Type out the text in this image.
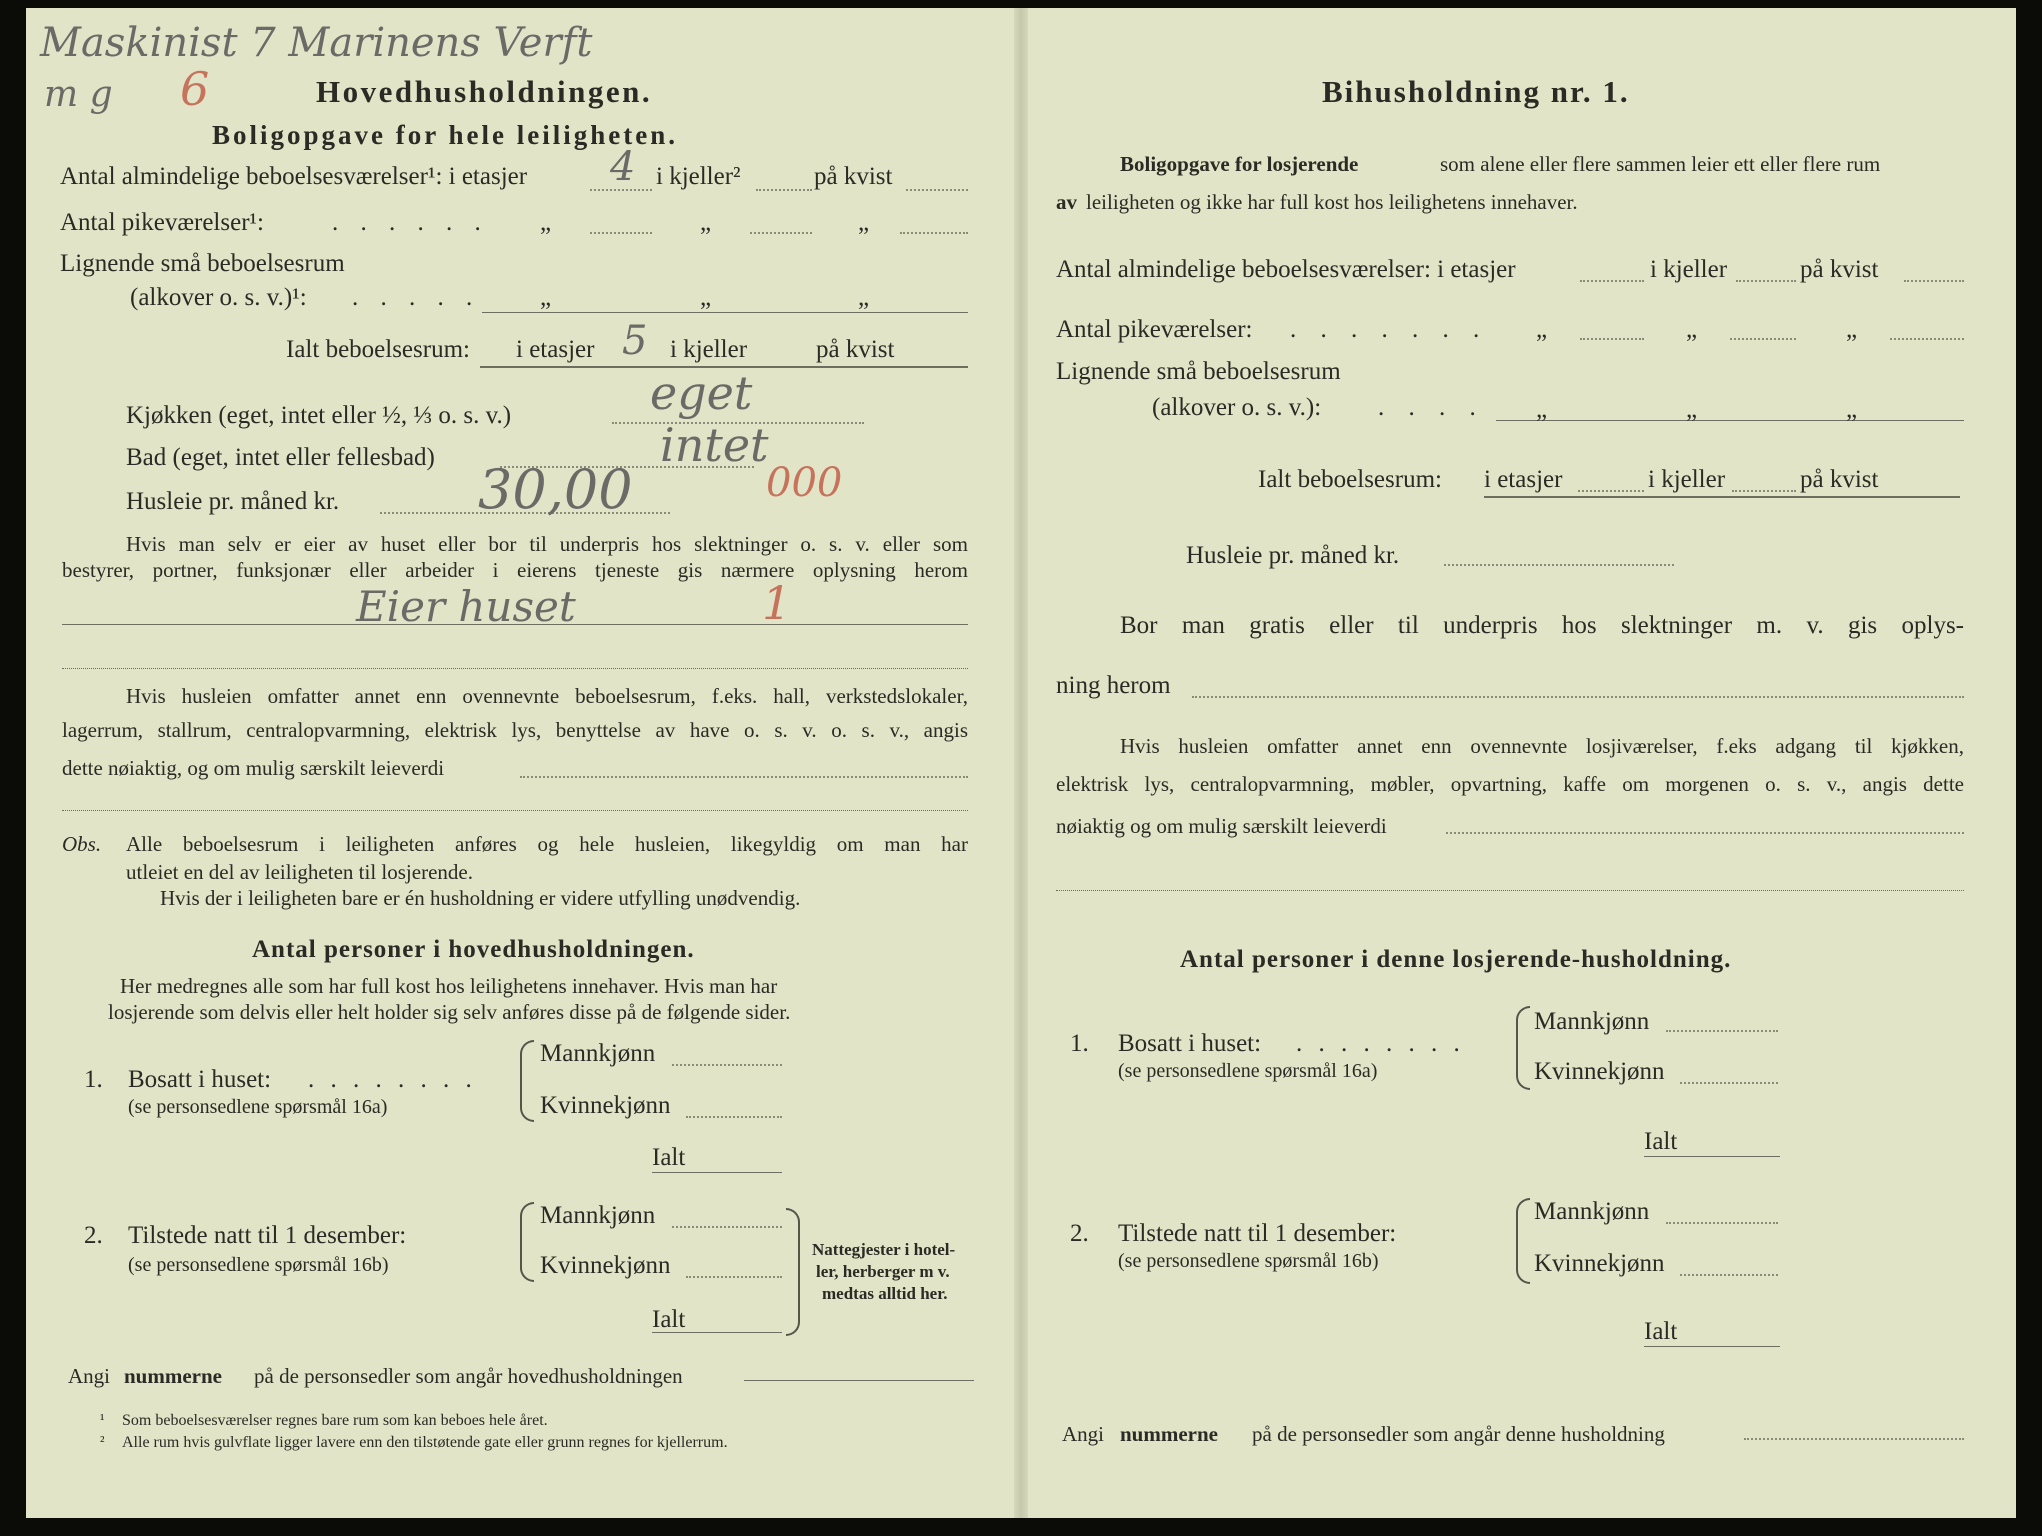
Maskinist 7 Marinens Verft
m g 6	Hovedhusholdningen.
Boligopgave for hele leiligheten.
Antal almindelige beboelsesværelser¹: i etasjer 4 i kjeller²	på kvist
Antal pikeværelser¹:	. . . . . . „	„	„
Lignende små beboelsesrum
(alkover o. s. v.)¹: . . . . . „	„	„
Ialt beboelsesrum: i etasjer 5 i kjeller	på kvist
Kjøkken (eget, intet eller ½, ⅓ o. s. v.)	eget
Bad (eget, intet eller fellesbad)	intet
Husleie pr. måned kr.	30,00	000
Hvis man selv er eier av huset eller bor til underpris hos slektninger o. s. v. eller som
bestyrer, portner, funksjonær eller arbeider i eierens tjeneste gis nærmere oplysning herom
Eier huset	1
Hvis husleien omfatter annet enn ovennevnte beboelsesrum, f.eks. hall, verkstedslokaler,
lagerrum, stallrum, centralopvarmning, elektrisk lys, benyttelse av have o. s. v. o. s. v., angis
dette nøiaktig, og om mulig særskilt leieverdi
Obs. Alle beboelsesrum i leiligheten anføres og hele husleien, likegyldig om man har
utleiet en del av leiligheten til losjerende.
Hvis der i leiligheten bare er én husholdning er videre utfylling unødvendig.
Antal personer i hovedhusholdningen.
Her medregnes alle som har full kost hos leilighetens innehaver. Hvis man har
losjerende som delvis eller helt holder sig selv anføres disse på de følgende sider.
1. Bosatt i huset: . . . . . . . .
(se personsedlene spørsmål 16a)
Mannkjønn
Kvinnekjønn
Ialt
2. Tilstede natt til 1 desember:
(se personsedlene spørsmål 16b)
Mannkjønn
Kvinnekjønn
Ialt
Nattegjester i hotel-
ler, herberger m v.
medtas alltid her.
Angi nummerne på de personsedler som angår hovedhusholdningen
¹ Som beboelsesværelser regnes bare rum som kan beboes hele året.
² Alle rum hvis gulvflate ligger lavere enn den tilstøtende gate eller grunn regnes for kjellerrum.
Bihusholdning nr. 1.
Boligopgave for losjerende	som alene eller flere sammen leier ett eller flere rum
av leiligheten og ikke har full kost hos leilighetens innehaver.
Antal almindelige beboelsesværelser: i etasjer	i kjeller	på kvist
Antal pikeværelser: . . . . . . . „	„	„
Lignende små beboelsesrum
(alkover o. s. v.): . . . . „	„	„
Ialt beboelsesrum: i etasjer	i kjeller	på kvist
Husleie pr. måned kr.
Bor man gratis eller til underpris hos slektninger m. v. gis oplys-
ning herom
Hvis husleien omfatter annet enn ovennevnte losjiværelser, f.eks adgang til kjøkken,
elektrisk lys, centralopvarmning, møbler, opvartning, kaffe om morgenen o. s. v., angis dette
nøiaktig og om mulig særskilt leieverdi
Antal personer i denne losjerende-husholdning.
1. Bosatt i huset: . . . . . . . .
(se personsedlene spørsmål 16a)
Mannkjønn
Kvinnekjønn
Ialt
2. Tilstede natt til 1 desember:
(se personsedlene spørsmål 16b)
Mannkjønn
Kvinnekjønn
Ialt
Angi nummerne på de personsedler som angår denne husholdning
